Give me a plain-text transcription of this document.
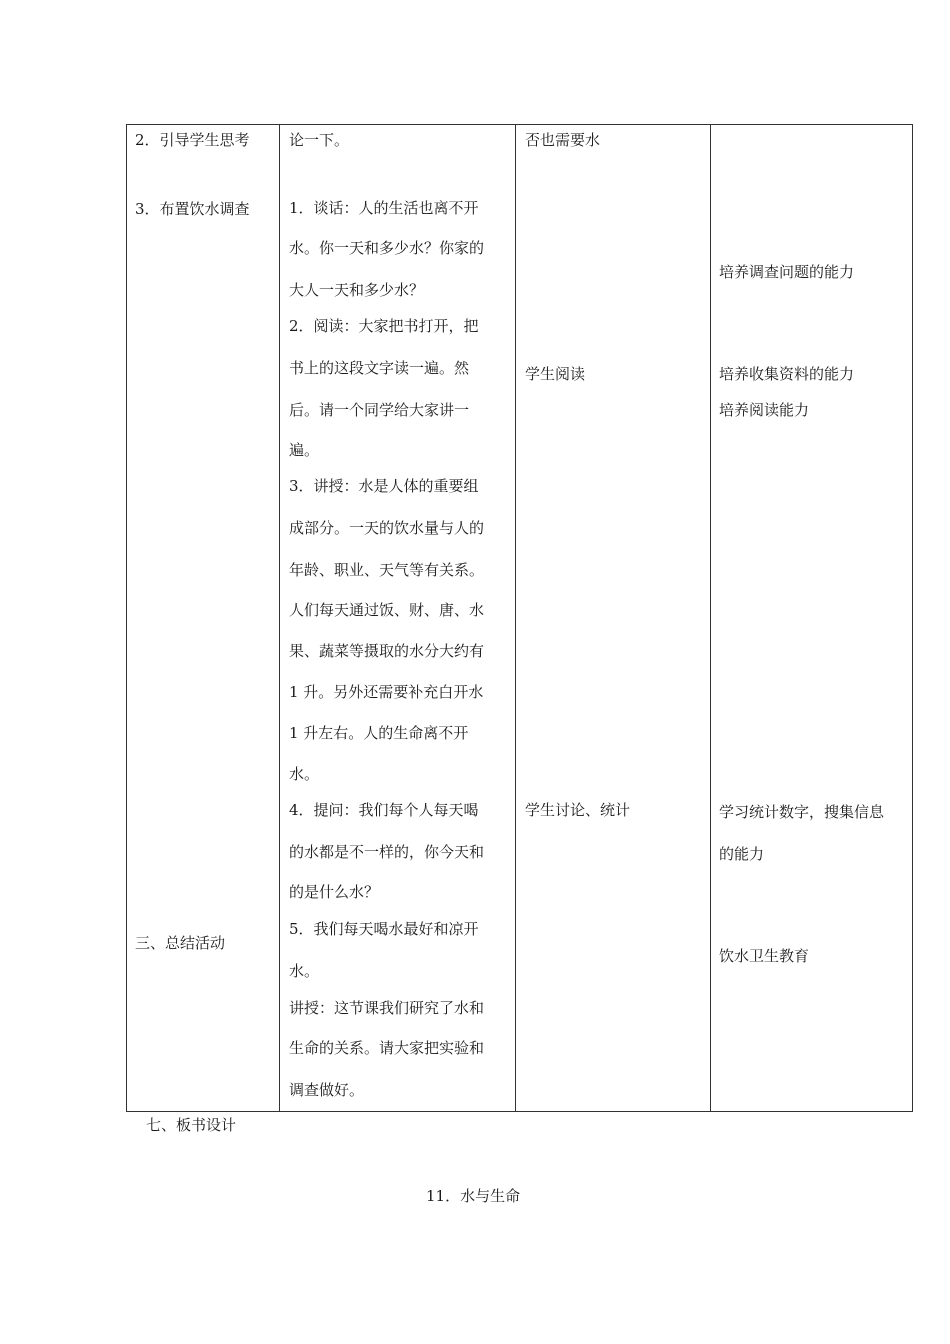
2．引导学生思考
3．布置饮水调查
三、总结活动
论一下。
1．谈话：人的生活也离不开
水。你一天和多少水？你家的
大人一天和多少水？
2．阅读：大家把书打开，把
书上的这段文字读一遍。然
后。请一个同学给大家讲一
遍。
3．讲授：水是人体的重要组
成部分。一天的饮水量与人的
年龄、职业、天气等有关系。
人们每天通过饭、财、唐、水
果、蔬菜等摄取的水分大约有
1 升。另外还需要补充白开水
1 升左右。人的生命离不开
水。
4．提问：我们每个人每天喝
的水都是不一样的，你今天和
的是什么水？
5．我们每天喝水最好和凉开
水。
讲授：这节课我们研究了水和
生命的关系。请大家把实验和
调查做好。
否也需要水
学生阅读
学生讨论、统计
培养调查问题的能力
培养收集资料的能力
培养阅读能力
学习统计数字，搜集信息
的能力
饮水卫生教育
七、板书设计
11．水与生命
